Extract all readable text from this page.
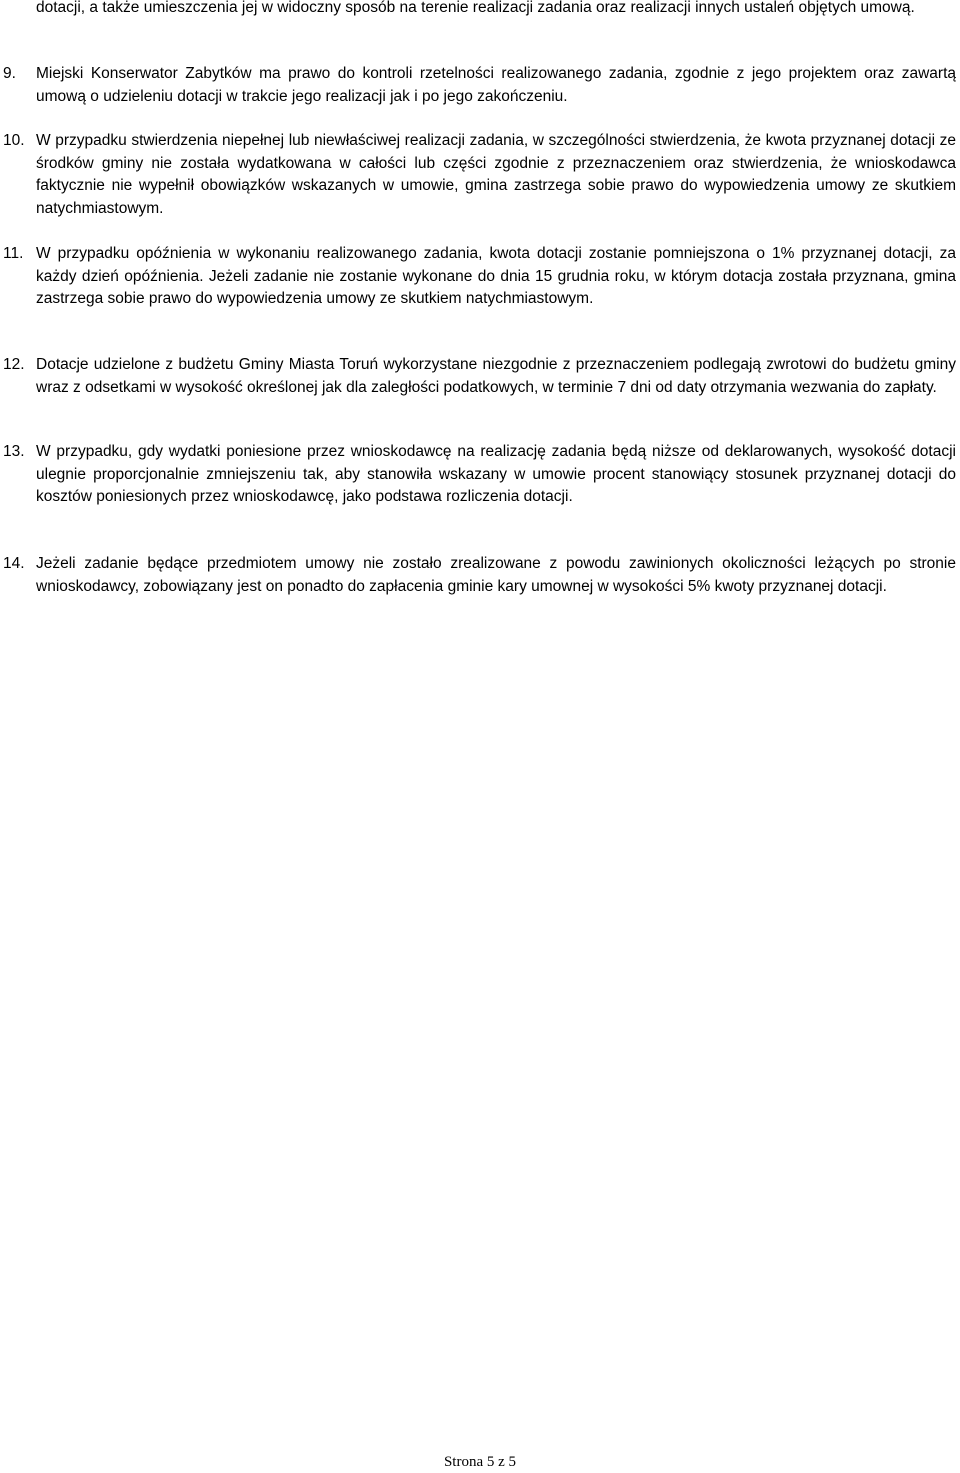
dotacji, a także umieszczenia jej w widoczny sposób na terenie realizacji zadania oraz realizacji innych ustaleń objętych umową.
9.	Miejski Konserwator Zabytków ma prawo do kontroli rzetelności realizowanego zadania, zgodnie z jego projektem oraz zawartą umową o udzieleniu dotacji w trakcie jego realizacji jak i po jego zakończeniu.
10. W przypadku stwierdzenia niepełnej lub niewłaściwej realizacji zadania, w szczególności stwierdzenia, że kwota przyznanej dotacji ze środków gminy nie została wydatkowana w całości lub części zgodnie z przeznaczeniem oraz stwierdzenia, że wnioskodawca faktycznie nie wypełnił obowiązków wskazanych w umowie, gmina zastrzega sobie prawo do wypowiedzenia umowy ze skutkiem natychmiastowym.
11. W przypadku opóźnienia w wykonaniu realizowanego zadania, kwota dotacji zostanie pomniejszona o 1% przyznanej dotacji, za każdy dzień opóźnienia. Jeżeli zadanie nie zostanie wykonane do dnia 15 grudnia roku, w którym dotacja została przyznana, gmina zastrzega sobie prawo do wypowiedzenia umowy ze skutkiem natychmiastowym.
12. Dotacje udzielone z budżetu Gminy Miasta Toruń wykorzystane niezgodnie z przeznaczeniem podlegają zwrotowi do budżetu gminy wraz z odsetkami w wysokość określonej jak dla zaległości podatkowych, w terminie 7 dni od daty otrzymania wezwania do zapłaty.
13. W przypadku, gdy wydatki poniesione przez wnioskodawcę na realizację zadania będą niższe od deklarowanych, wysokość dotacji ulegnie proporcjonalnie zmniejszeniu tak, aby stanowiła wskazany w umowie procent stanowiący stosunek przyznanej dotacji do kosztów poniesionych przez wnioskodawcę, jako podstawa rozliczenia dotacji.
14. Jeżeli zadanie będące przedmiotem umowy nie zostało zrealizowane z powodu zawinionych okoliczności leżących po stronie wnioskodawcy, zobowiązany jest on ponadto do zapłacenia gminie kary umownej w wysokości 5% kwoty przyznanej dotacji.
Strona 5 z 5
